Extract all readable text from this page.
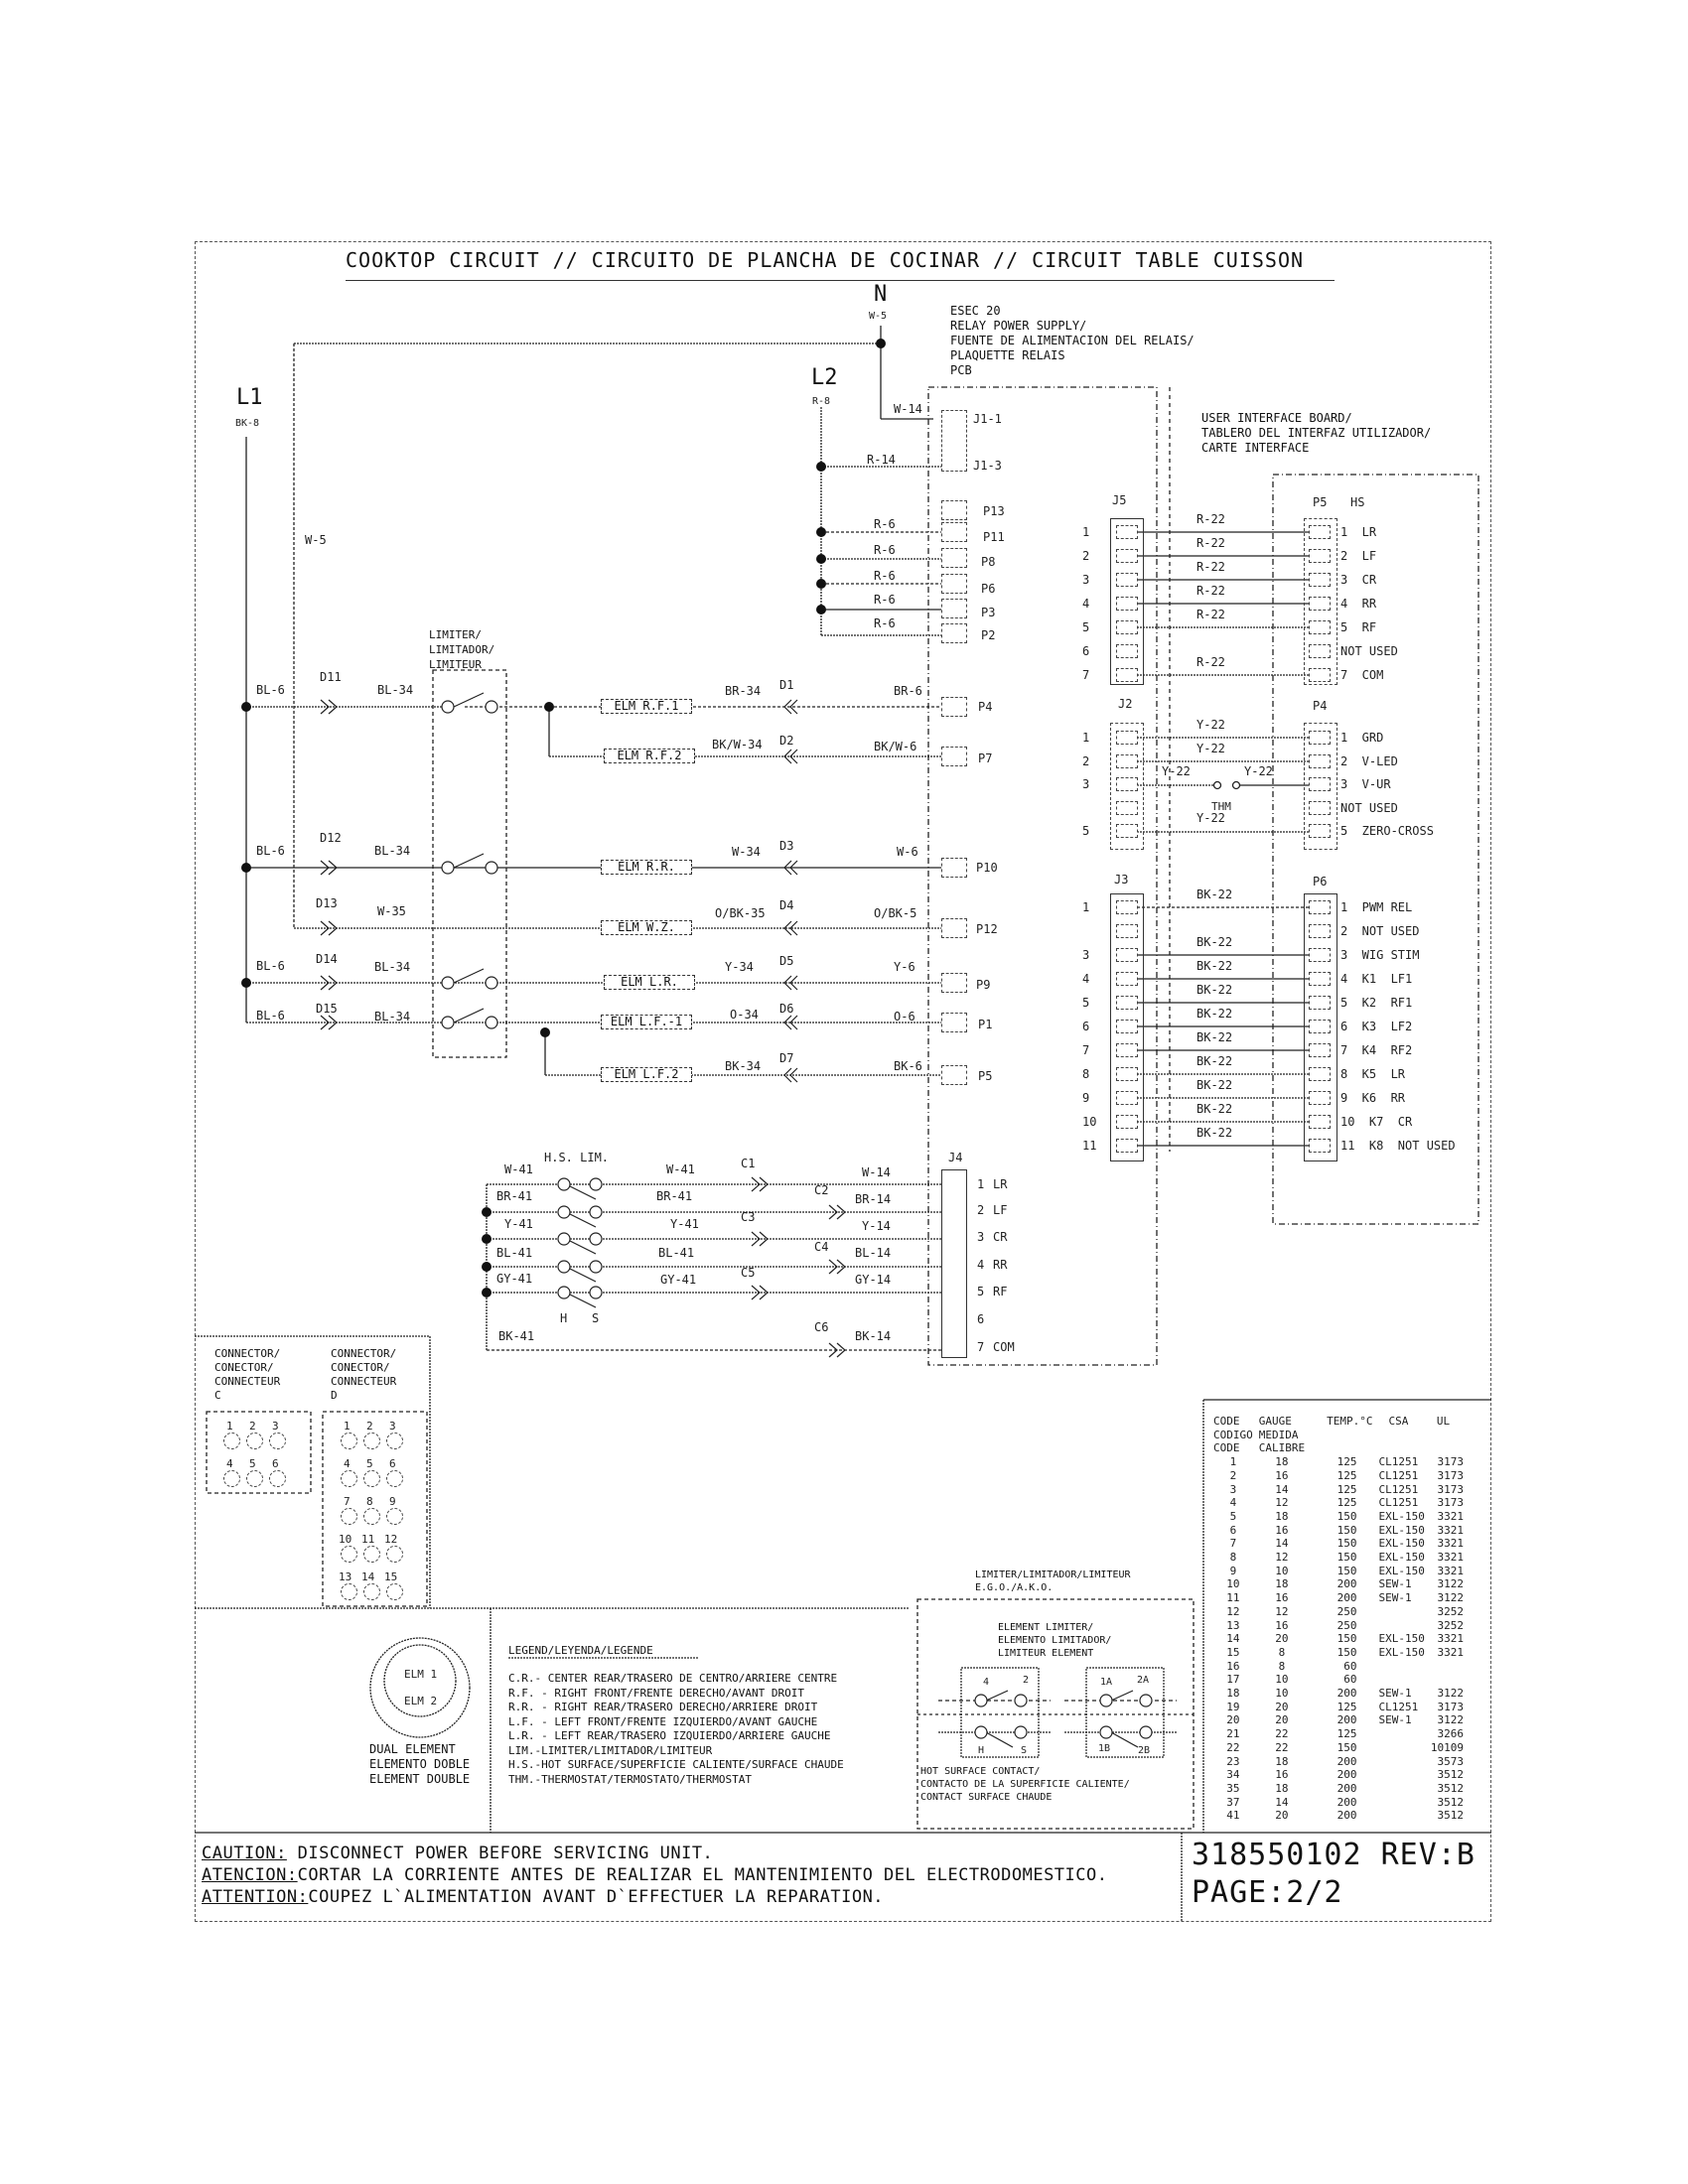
COOKTOP CIRCUIT // CIRCUITO DE PLANCHA DE COCINAR // CIRCUIT TABLE CUISSON
N
W-5
L1
BK-8
L2
R-8
W-5
ESEC 20
RELAY POWER SUPPLY/
FUENTE DE ALIMENTACION DEL RELAIS/
PLAQUETTE RELAIS
PCB
W-14
J1-1
R-14	J1-3
P13
R-6
P11
R-6
P8
R-6
P6
R-6
P3
R-6
P2
LIMITER/
LIMITADOR/
LIMITEUR
BL-6
D11
BL-34
ELM R.F.1
BR-34 D1	BR-6
P4
ELM R.F.2
BK/W-34 D2	BK/W-6
P7
BL-6
D12
BL-34
ELM R.R.
W-34 D3	W-6
P10
D13
W-35
ELM W.Z.
O/BK-35
D4
O/BK-5
P12
BL-6	D14
BL-34
ELM L.R.
Y-34 D5	Y-6
P9
BL-6	D15
BL-34	ELM L.F.-1	O-34 D6
O-6
P1
ELM L.F.2
BK-34
D7
BK-6
P5
H.S. LIM.
H S
J4
W-41	W-41	C1
W-14
1 LR
BR-41	BR-41	C2
BR-14
2 LF
Y-41	Y-41	C3
Y-14
3 CR
BL-41	BL-41	C4 BL-14
4 RR
GY-41	GY-41	C5	GY-14
5 RF
6
BK-41
C6
BK-14
7 COM
USER INTERFACE BOARD/
TABLERO DEL INTERFAZ UTILIZADOR/
CARTE INTERFACE
J5	P5 HS
J2	P4
THM
J3	P6
CONNECTOR/
CONECTOR/
CONNECTEUR
C
CONNECTOR/
CONECTOR/
CONNECTEUR
D
ELM 1
ELM 2
DUAL ELEMENT
ELEMENTO DOBLE
ELEMENT DOUBLE
LEGEND/LEYENDA/LEGENDE
C.R.- CENTER REAR/TRASERO DE CENTRO/ARRIERE CENTRE
R.F. - RIGHT FRONT/FRENTE DERECHO/AVANT DROIT
R.R. - RIGHT REAR/TRASERO DERECHO/ARRIERE DROIT
L.F. - LEFT FRONT/FRENTE IZQUIERDO/AVANT GAUCHE
L.R. - LEFT REAR/TRASERO IZQUIERDO/ARRIERE GAUCHE
LIM.-LIMITER/LIMITADOR/LIMITEUR
H.S.-HOT SURFACE/SUPERFICIE CALIENTE/SURFACE CHAUDE
THM.-THERMOSTAT/TERMOSTATO/THERMOSTAT
LIMITER/LIMITADOR/LIMITEUR
E.G.O./A.K.O.
ELEMENT LIMITER/
ELEMENTO LIMITADOR/
LIMITEUR ELEMENT
4	2
H	S
1A 2A
1B	2B
HOT SURFACE CONTACT/
CONTACTO DE LA SUPERFICIE CALIENTE/
CONTACT SURFACE CHAUDE
CODE	GAUGE	TEMP.°C	CSA	UL
CODIGO	MEDIDA			
CODE	CALIBRE			
1	18	125	CL1251	3173
2	16	125	CL1251	3173
3	14	125	CL1251	3173
4	12	125	CL1251	3173
5	18	150	EXL-150	3321
6	16	150	EXL-150	3321
7	14	150	EXL-150	3321
8	12	150	EXL-150	3321
9	10	150	EXL-150	3321
10	18	200	SEW-1	3122
11	16	200	SEW-1	3122
12	12	250		3252
13	16	250		3252
14	20	150	EXL-150	3321
15	8	150	EXL-150	3321
16	8	60		
17	10	60		
18	10	200	SEW-1	3122
19	20	125	CL1251	3173
20	20	200	SEW-1	3122
21	22	125		3266
22	22	150		10109
23	18	200		3573
34	16	200		3512
35	18	200		3512
37	14	200		3512
41	20	200		3512
CAUTION: DISCONNECT POWER BEFORE SERVICING UNIT.
ATENCION:CORTAR LA CORRIENTE ANTES DE REALIZAR EL MANTENIMIENTO DEL ELECTRODOMESTICO.
ATTENTION:COUPEZ L`ALIMENTATION AVANT D`EFFECTUER LA REPARATION.
318550102 REV:B
PAGE:2/2
1	1  LR
R-22
2	2  LF
R-22
3	3  CR
R-22
4	4  RR
R-22
5	5  RF
R-22
6	NOT USED
7	7  COM
R-22
1	1  GRD
Y-22
2	2  V-LED
Y-22
3	3  V-UR
Y-22	Y-22
NOT USED
5	5  ZERO-CROSS
Y-22
1	1  PWM REL
BK-22
2  NOT USED
3	3  WIG STIM
BK-22
4	4  K1  LF1
BK-22
5	5  K2  RF1
BK-22
6	6  K3  LF2
BK-22
7	7  K4  RF2
BK-22
8	8  K5  LR
BK-22
9	9  K6  RR
BK-22
10	10  K7  CR
BK-22
11	11  K8  NOT USED
BK-22
1 2 3
4 5 6
1 2 3
4 5 6
7 8 9
10 11 12
13 14 15
